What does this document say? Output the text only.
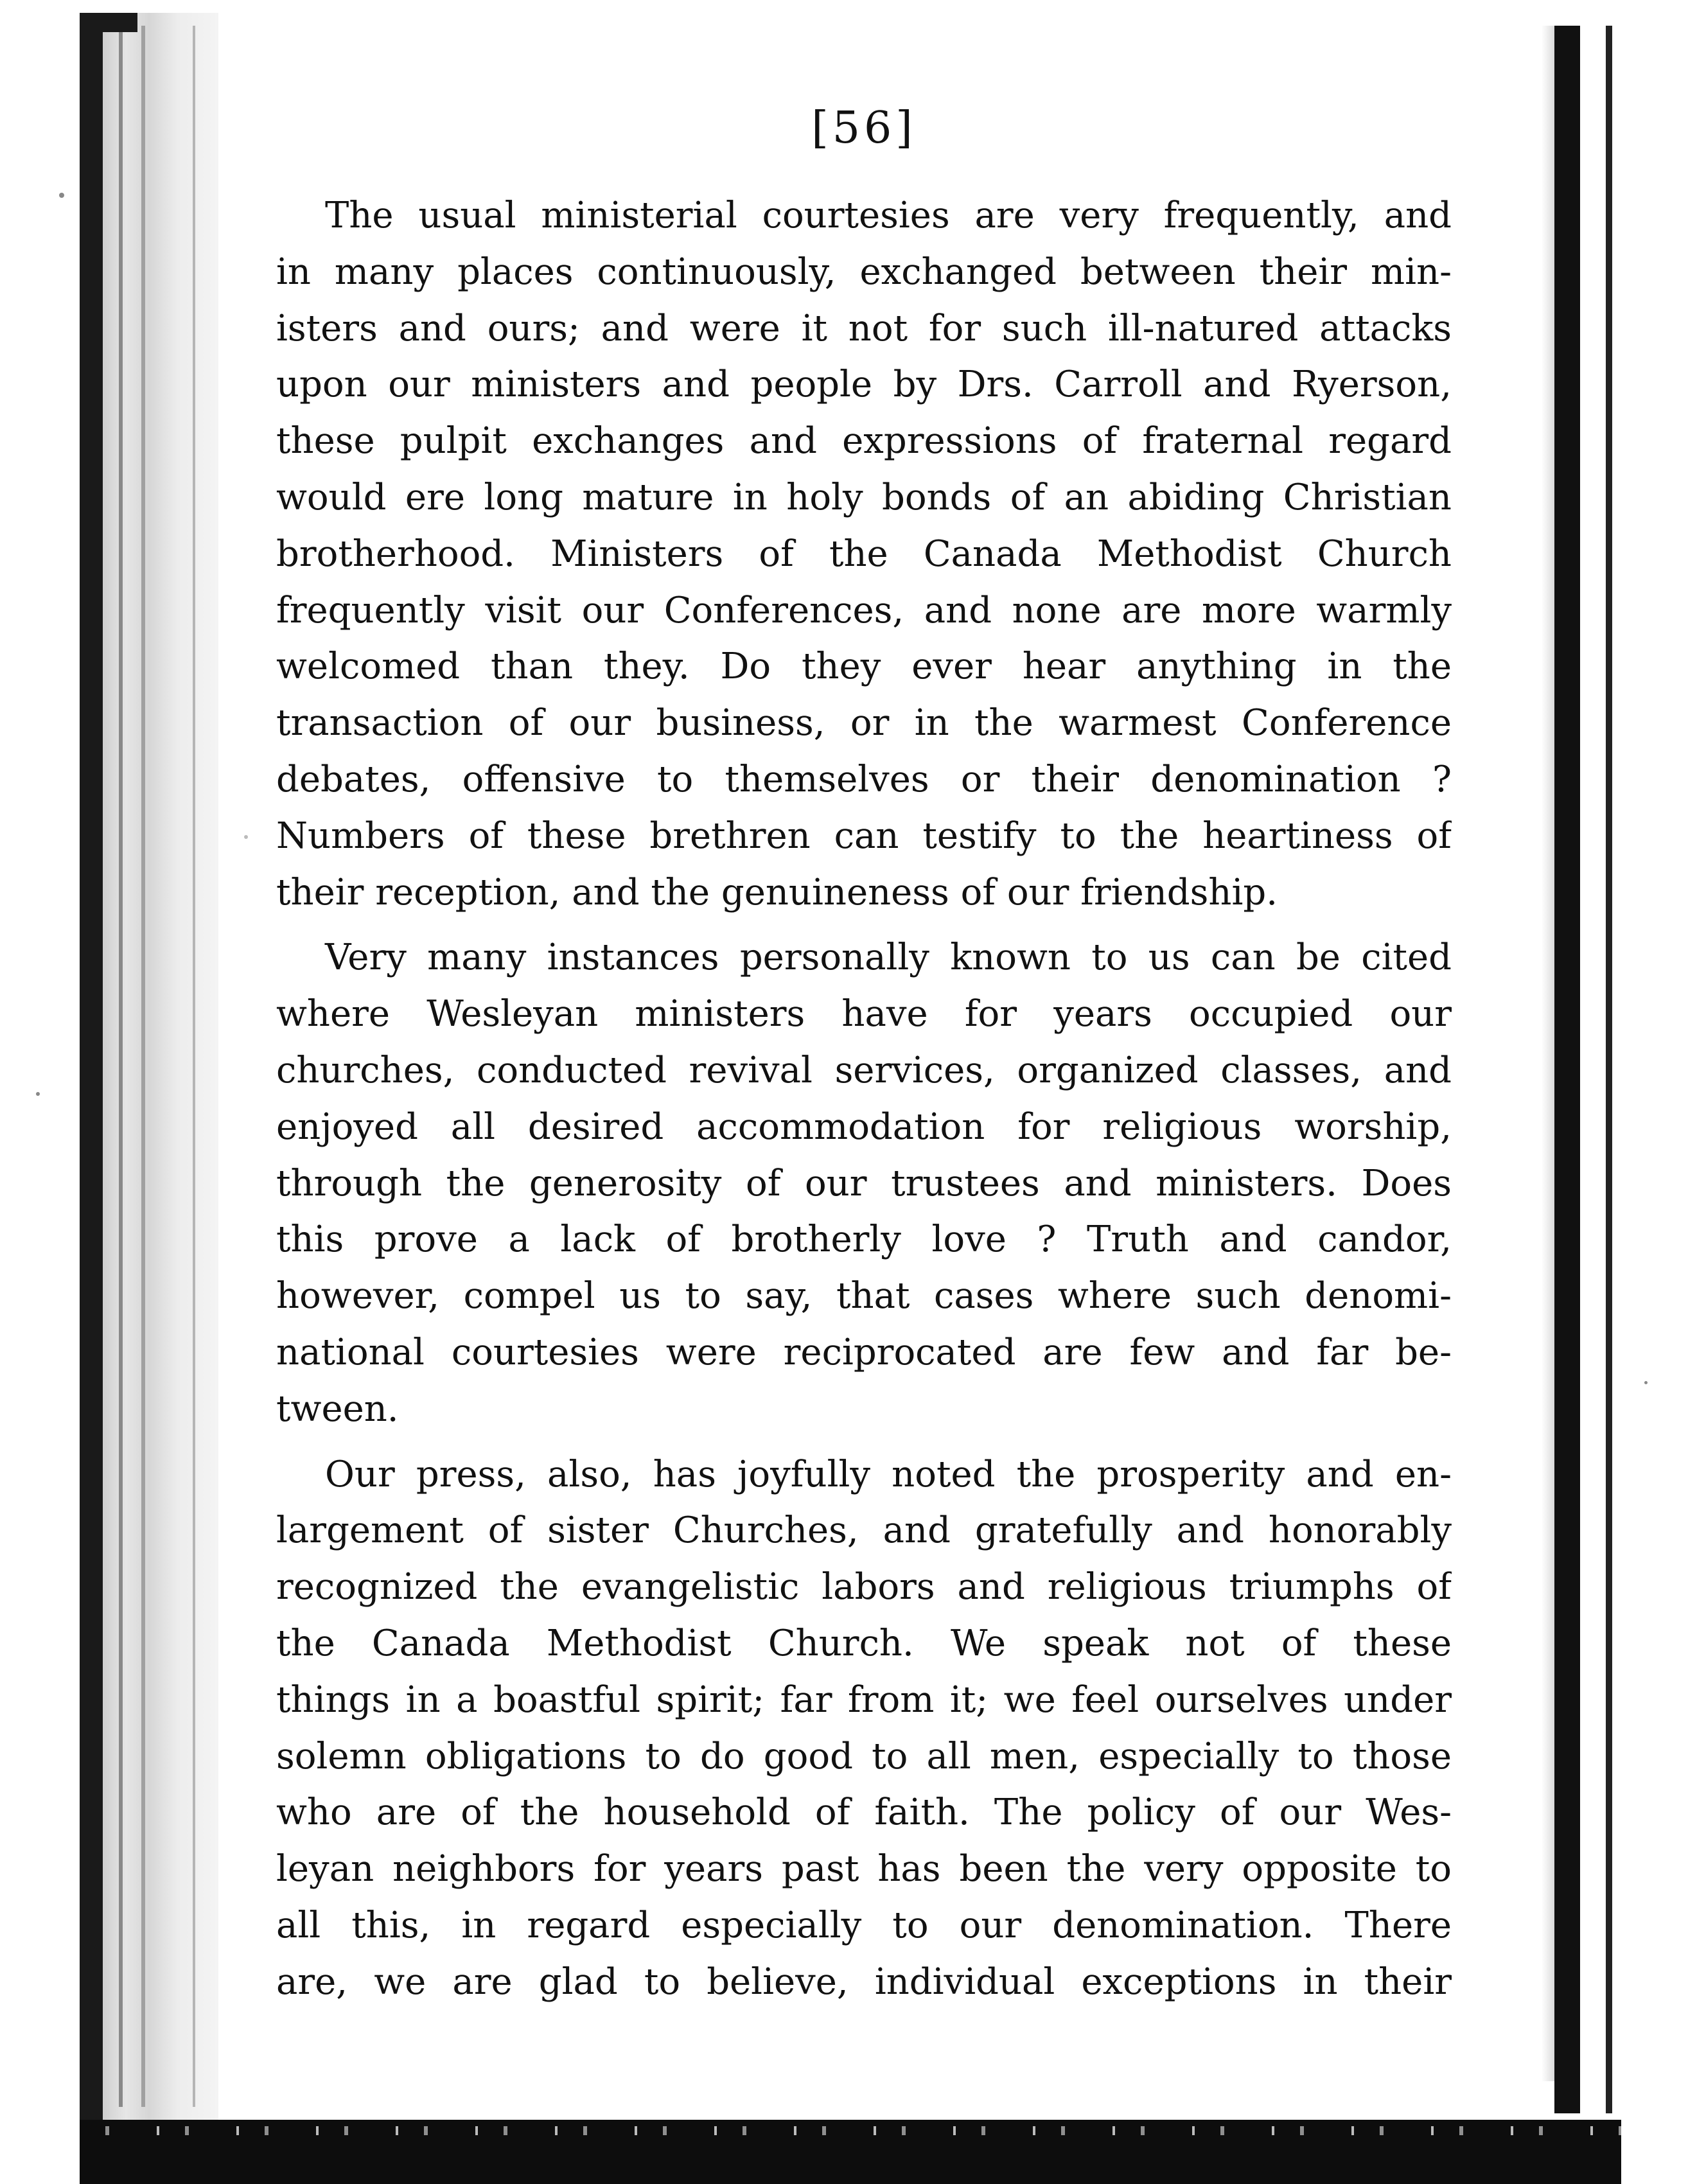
[56]
The usual ministerial courtesies are very frequently, and
in many places continuously, exchanged between their min-
isters and ours; and were it not for such ill-natured attacks
upon our ministers and people by Drs. Carroll and Ryerson,
these pulpit exchanges and expressions of fraternal regard
would ere long mature in holy bonds of an abiding Christian
brotherhood. Ministers of the Canada Methodist Church
frequently visit our Conferences, and none are more warmly
welcomed than they. Do they ever hear anything in the
transaction of our business, or in the warmest Conference
debates, offensive to themselves or their denomination ?
Numbers of these brethren can testify to the heartiness of
their reception, and the genuineness of our friendship.
Very many instances personally known to us can be cited
where Wesleyan ministers have for years occupied our
churches, conducted revival services, organized classes, and
enjoyed all desired accommodation for religious worship,
through the generosity of our trustees and ministers. Does
this prove a lack of brotherly love ? Truth and candor,
however, compel us to say, that cases where such denomi-
national courtesies were reciprocated are few and far be-
tween.
Our press, also, has joyfully noted the prosperity and en-
largement of sister Churches, and gratefully and honorably
recognized the evangelistic labors and religious triumphs of
the Canada Methodist Church. We speak not of these
things in a boastful spirit; far from it; we feel ourselves under
solemn obligations to do good to all men, especially to those
who are of the household of faith. The policy of our Wes-
leyan neighbors for years past has been the very opposite to
all this, in regard especially to our denomination. There
are, we are glad to believe, individual exceptions in their
